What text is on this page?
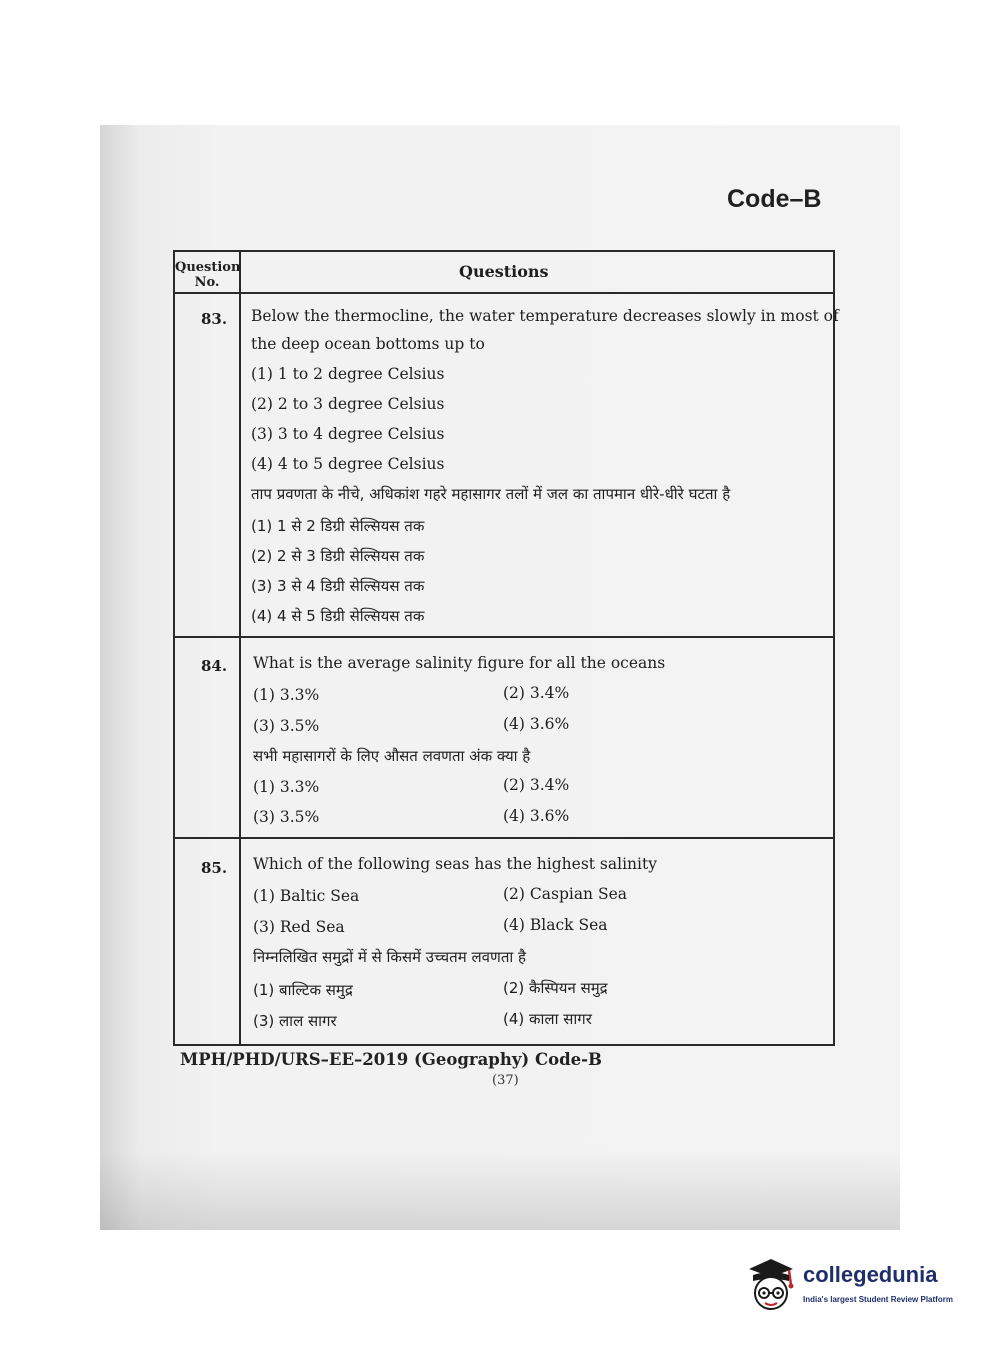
Code–B
Question
No.
Questions
83. Below the thermocline, the water temperature decreases slowly in most of
the deep ocean bottoms up to
(1) 1 to 2 degree Celsius
(2) 2 to 3 degree Celsius
(3) 3 to 4 degree Celsius
(4) 4 to 5 degree Celsius
ताप प्रवणता के नीचे, अधिकांश गहरे महासागर तलों में जल का तापमान धीरे-धीरे घटता है
(1) 1 से 2 डिग्री सेल्सियस तक
(2) 2 से 3 डिग्री सेल्सियस तक
(3) 3 से 4 डिग्री सेल्सियस तक
(4) 4 से 5 डिग्री सेल्सियस तक
84. What is the average salinity figure for all the oceans
(1) 3.3%	(2) 3.4%
(3) 3.5%	(4) 3.6%
सभी महासागरों के लिए औसत लवणता अंक क्या है
(1) 3.3%	(2) 3.4%
(3) 3.5%	(4) 3.6%
85. Which of the following seas has the highest salinity
(1) Baltic Sea	(2) Caspian Sea
(3) Red Sea	(4) Black Sea
निम्नलिखित समुद्रों में से किसमें उच्चतम लवणता है
(1) बाल्टिक समुद्र	(2) कैस्पियन समुद्र
(3) लाल सागर	(4) काला सागर
MPH/PHD/URS–EE–2019 (Geography) Code-B
(37)
collegedunia
India's largest Student Review Platform
